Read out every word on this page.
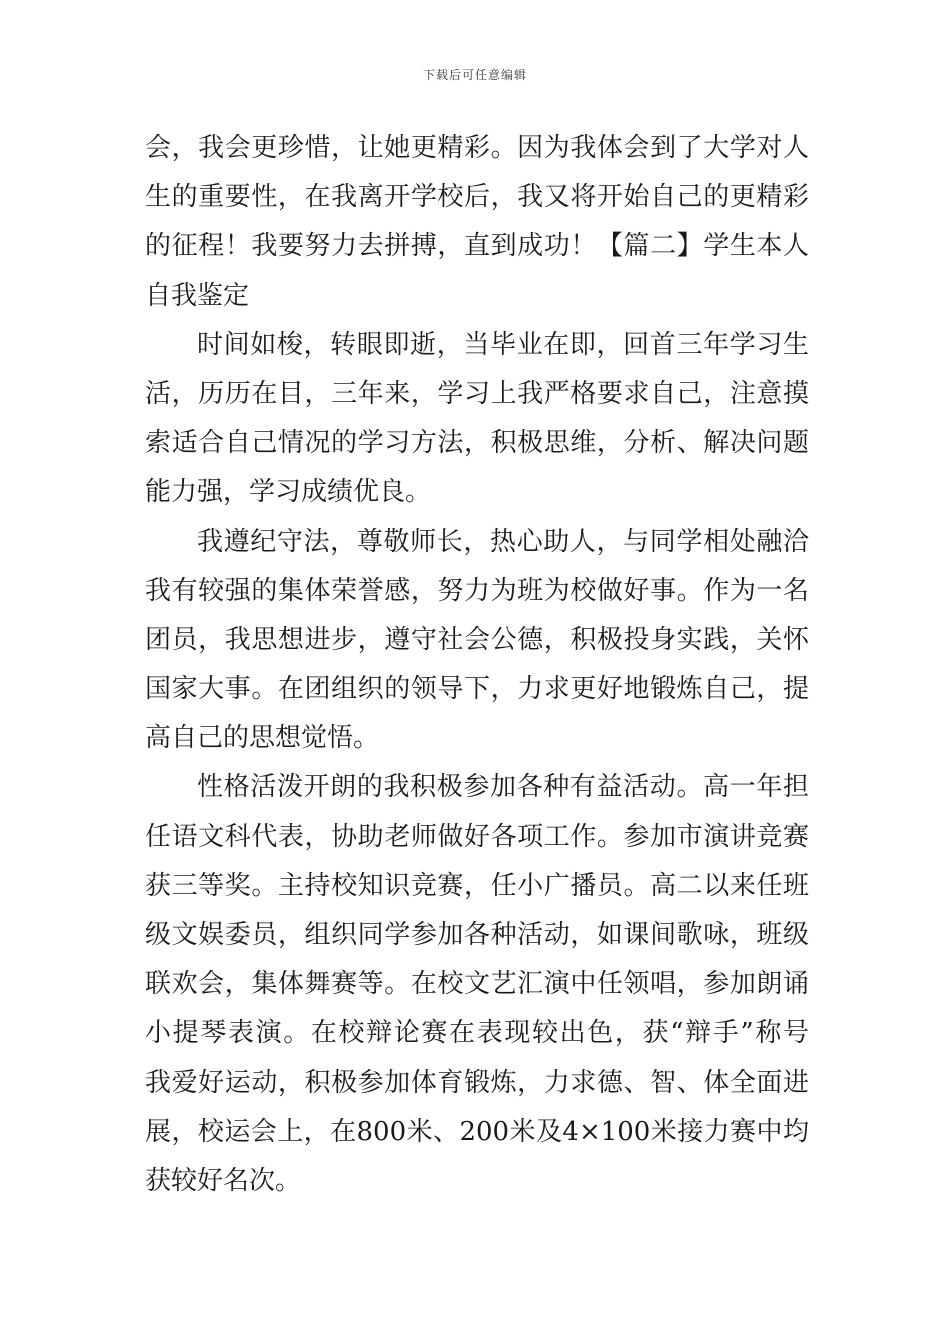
下载后可任意编辑
会，我会更珍惜，让她更精彩。因为我体会到了大学对人
生的重要性，在我离开学校后，我又将开始自己的更精彩
的征程！我要努力去拼搏，直到成功！【篇二】学生本人
自我鉴定
时间如梭，转眼即逝，当毕业在即，回首三年学习生
活，历历在目，三年来，学习上我严格要求自己，注意摸
索适合自己情况的学习方法，积极思维，分析、解决问题
能力强，学习成绩优良。
我遵纪守法，尊敬师长，热心助人，与同学相处融洽
我有较强的集体荣誉感，努力为班为校做好事。作为一名
团员，我思想进步，遵守社会公德，积极投身实践，关怀
国家大事。在团组织的领导下，力求更好地锻炼自己，提
高自己的思想觉悟。
性格活泼开朗的我积极参加各种有益活动。高一年担
任语文科代表，协助老师做好各项工作。参加市演讲竞赛
获三等奖。主持校知识竞赛，任小广播员。高二以来任班
级文娱委员，组织同学参加各种活动，如课间歌咏，班级
联欢会，集体舞赛等。在校文艺汇演中任领唱，参加朗诵
小提琴表演。在校辩论赛在表现较出色，获“辩手”称号
我爱好运动，积极参加体育锻炼，力求德、智、体全面进
展，校运会上，在800米、200米及4×100米接力赛中均
获较好名次。
